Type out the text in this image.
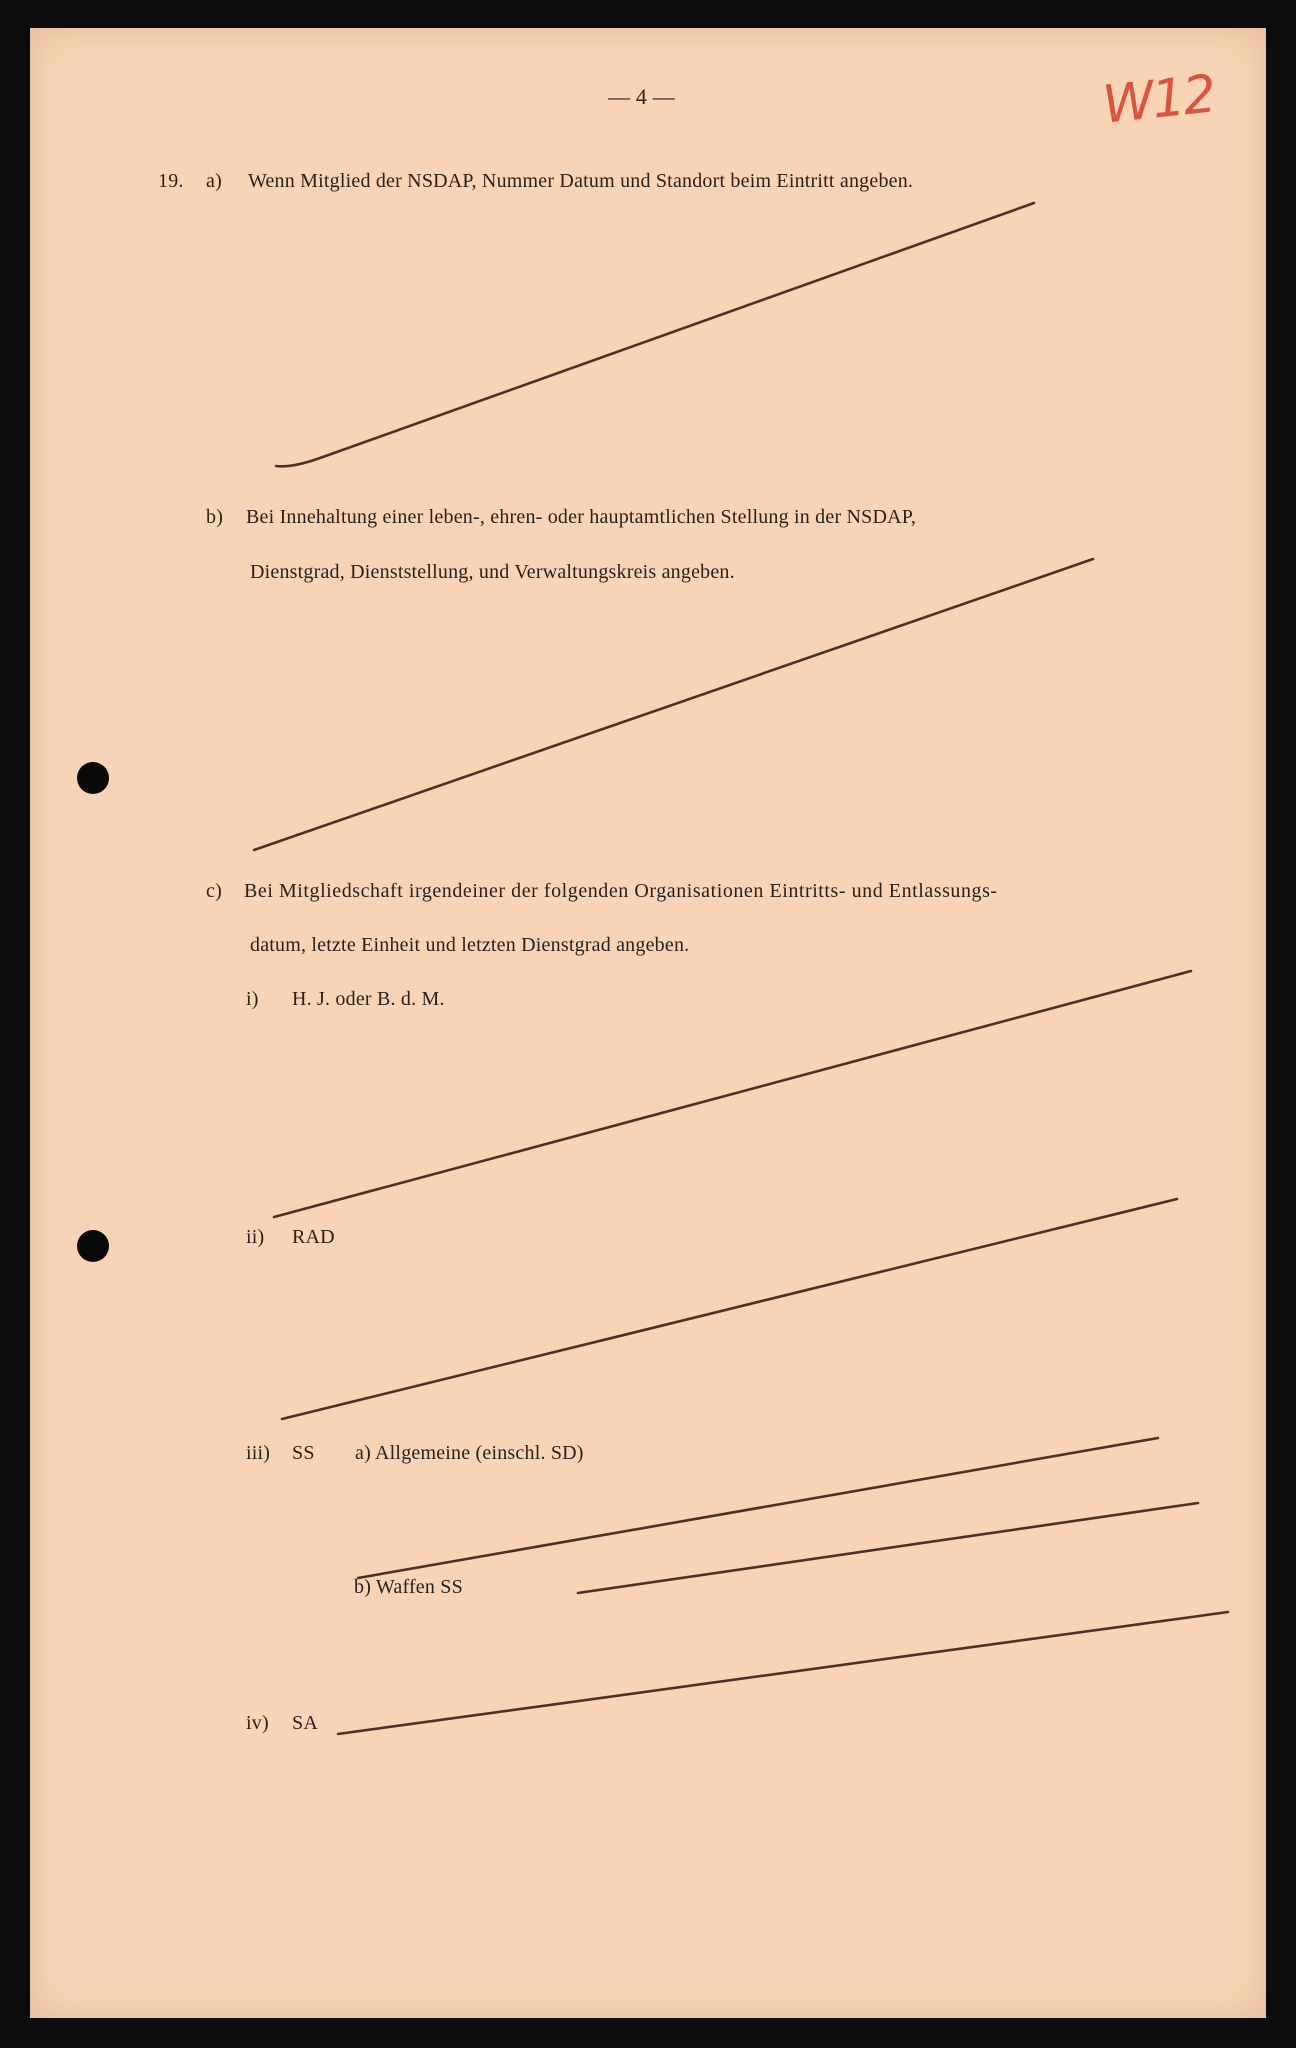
— 4 —	W12
19. a) Wenn Mitglied der NSDAP, Nummer Datum und Standort beim Eintritt angeben.
b) Bei Innehaltung einer leben-, ehren- oder hauptamtlichen Stellung in der NSDAP,
Dienstgrad, Dienststellung, und Verwaltungskreis angeben.
c) Bei Mitgliedschaft irgendeiner der folgenden Organisationen Eintritts- und Entlassungs-
datum, letzte Einheit und letzten Dienstgrad angeben.
i) H. J. oder B. d. M.
ii) RAD
iii) SS a) Allgemeine (einschl. SD)
b) Waffen SS
iv) SA
